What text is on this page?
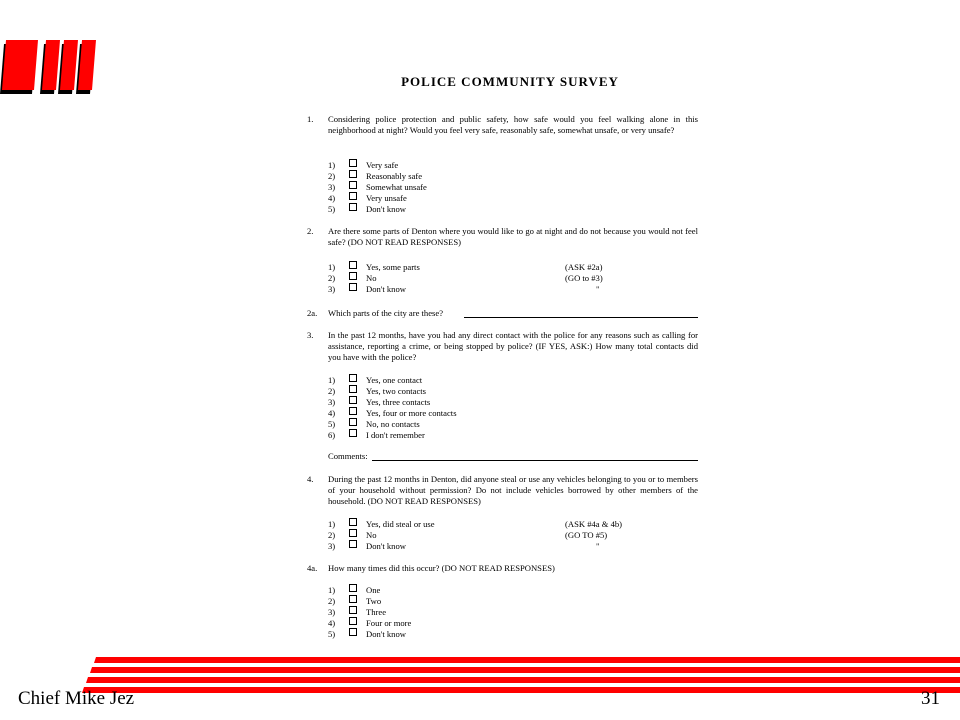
Chief Mike Jez	31
POLICE COMMUNITY SURVEY
1. Considering police protection and public safety, how safe would you feel walking alone in this neighborhood at night? Would you feel very safe, reasonably safe, somewhat unsafe, or very unsafe?
1)	Very safe
2)	Reasonably safe
3)	Somewhat unsafe
4)	Very unsafe
5)	Don't know
2. Are there some parts of Denton where you would like to go at night and do not because you would not feel safe? (DO NOT READ RESPONSES)
1)	Yes, some parts	(ASK #2a)
2)	No	(GO to #3)
3)	Don't know	"
2a. Which parts of the city are these?
3. In the past 12 months, have you had any direct contact with the police for any reasons such as calling for assistance, reporting a crime, or being stopped by police? (IF YES, ASK:) How many total contacts did you have with the police?
1)	Yes, one contact
2)	Yes, two contacts
3)	Yes, three contacts
4)	Yes, four or more contacts
5)	No, no contacts
6)	I don't remember
Comments:
4. During the past 12 months in Denton, did anyone steal or use any vehicles belonging to you or to members of your household without permission? Do not include vehicles borrowed by other members of the household. (DO NOT READ RESPONSES)
1)	Yes, did steal or use	(ASK #4a & 4b)
2)	No	(GO TO #5)
3)	Don't know	"
4a. How many times did this occur? (DO NOT READ RESPONSES)
1)	One
2)	Two
3)	Three
4)	Four or more
5)	Don't know
